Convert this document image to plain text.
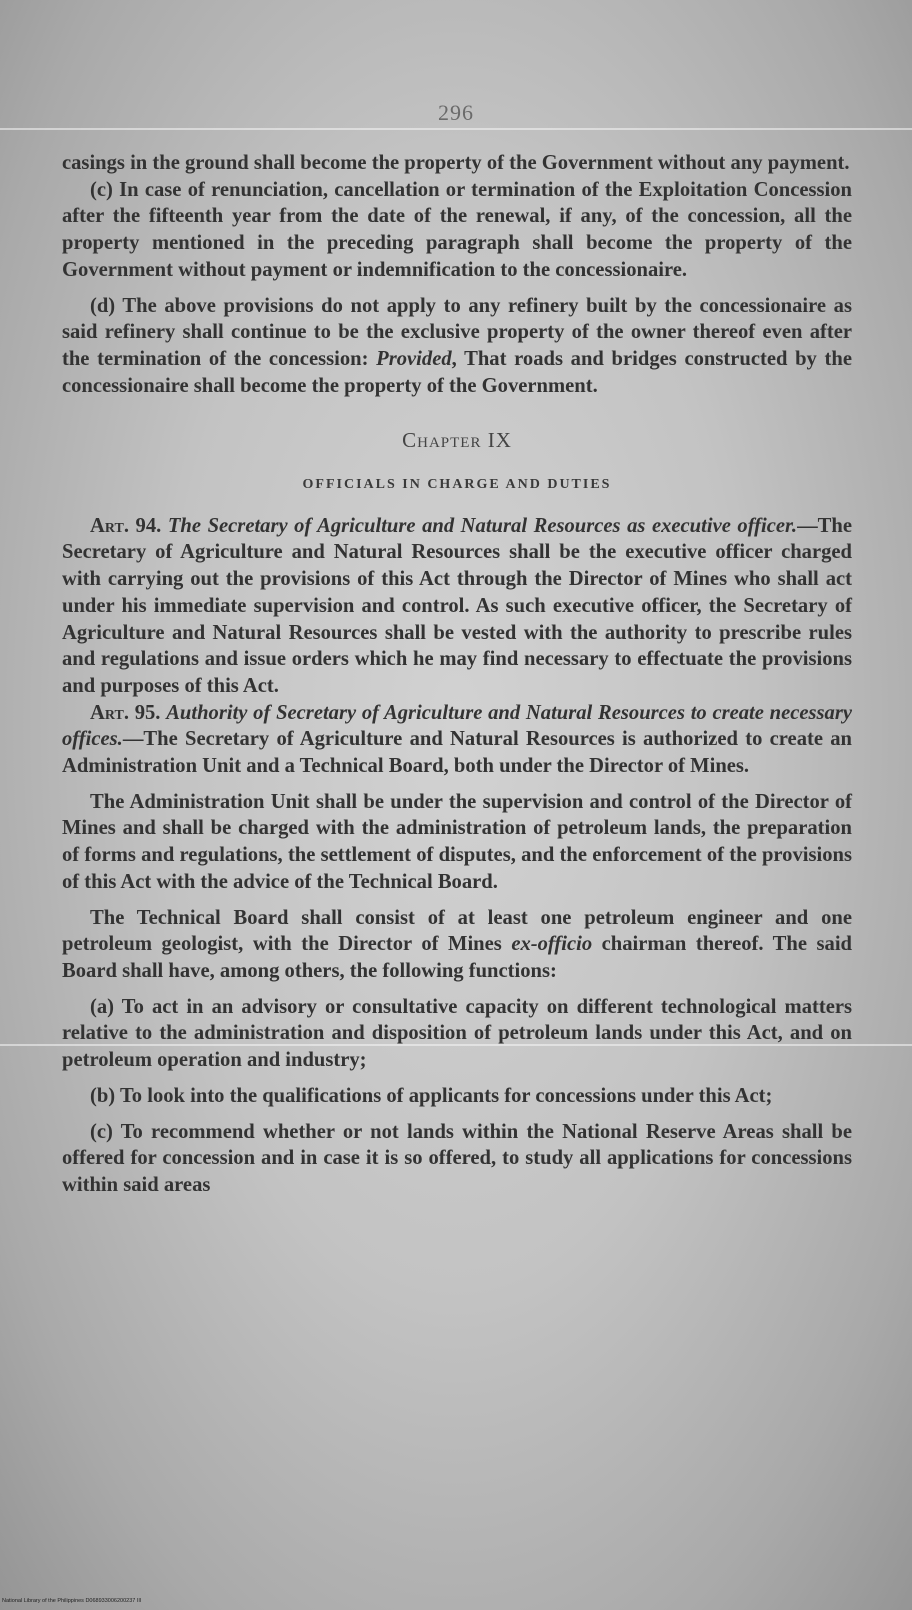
296

casings in the ground shall become the property of the Government without any payment.

(c) In case of renunciation, cancellation or termination of the Exploitation Concession after the fifteenth year from the date of the renewal, if any, of the concession, all the property mentioned in the preceding paragraph shall become the property of the Government without payment or indemnification to the concessionaire.

(d) The above provisions do not apply to any refinery built by the concessionaire as said refinery shall continue to be the exclusive property of the owner thereof even after the termination of the concession: Provided, That roads and bridges constructed by the concessionaire shall become the property of the Government.

Chapter IX

OFFICIALS IN CHARGE AND DUTIES

Art. 94. The Secretary of Agriculture and Natural Resources as executive officer.—The Secretary of Agriculture and Natural Resources shall be the executive officer charged with carrying out the provisions of this Act through the Director of Mines who shall act under his immediate supervision and control. As such executive officer, the Secretary of Agriculture and Natural Resources shall be vested with the authority to prescribe rules and regulations and issue orders which he may find necessary to effectuate the provisions and purposes of this Act.

Art. 95. Authority of Secretary of Agriculture and Natural Resources to create necessary offices.—The Secretary of Agriculture and Natural Resources is authorized to create an Administration Unit and a Technical Board, both under the Director of Mines.

The Administration Unit shall be under the supervision and control of the Director of Mines and shall be charged with the administration of petroleum lands, the preparation of forms and regulations, the settlement of disputes, and the enforcement of the provisions of this Act with the advice of the Technical Board.

The Technical Board shall consist of at least one petroleum engineer and one petroleum geologist, with the Director of Mines ex-officio chairman thereof. The said Board shall have, among others, the following functions:

(a) To act in an advisory or consultative capacity on different technological matters relative to the administration and disposition of petroleum lands under this Act, and on petroleum operation and industry;

(b) To look into the qualifications of applicants for concessions under this Act;

(c) To recommend whether or not lands within the National Reserve Areas shall be offered for concession and in case it is so offered, to study all applications for concessions within said areas

National Library of the Philippines D068933006200237 III
